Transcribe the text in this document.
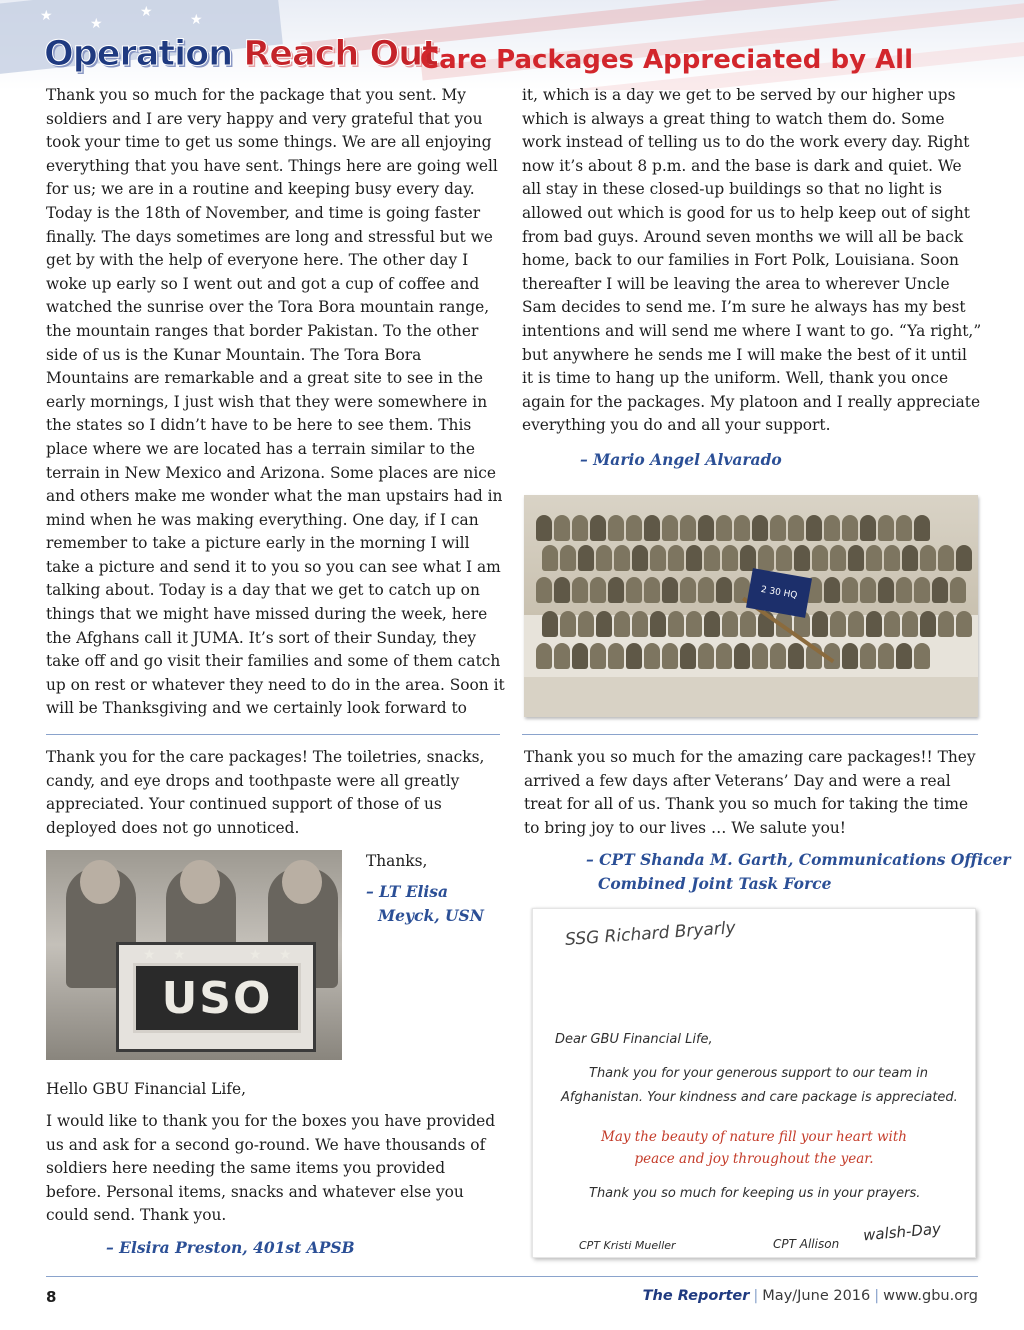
★	★
★	★
Operation Reach Out
Care Packages Appreciated by All
Thank you so much for the package that you sent. My soldiers and I are very happy and very grateful that you took your time to get us some things. We are all enjoying everything that you have sent. Things here are going well for us; we are in a routine and keeping busy every day. Today is the 18th of November, and time is going faster finally. The days sometimes are long and stressful but we get by with the help of everyone here. The other day I woke up early so I went out and got a cup of coffee and watched the sunrise over the Tora Bora mountain range, the mountain ranges that border Pakistan. To the other side of us is the Kunar Mountain. The Tora Bora Mountains are remarkable and a great site to see in the early mornings, I just wish that they were somewhere in the states so I didn’t have to be here to see them. This place where we are located has a terrain similar to the terrain in New Mexico and Arizona. Some places are nice and others make me wonder what the man upstairs had in mind when he was making everything. One day, if I can remember to take a picture early in the morning I will take a picture and send it to you so you can see what I am talking about. Today is a day that we get to catch up on things that we might have missed during the week, here the Afghans call it JUMA. It’s sort of their Sunday, they take off and go visit their families and some of them catch up on rest or whatever they need to do in the area. Soon it will be Thanksgiving and we certainly look forward to
it, which is a day we get to be served by our higher ups which is always a great thing to watch them do. Some work instead of telling us to do the work every day. Right now it’s about 8 p.m. and the base is dark and quiet. We all stay in these closed-up buildings so that no light is allowed out which is good for us to help keep out of sight from bad guys. Around seven months we will all be back home, back to our families in Fort Polk, Louisiana. Soon thereafter I will be leaving the area to wherever Uncle Sam decides to send me. I’m sure he always has my best intentions and will send me where I want to go. “Ya right,” but anywhere he sends me I will make the best of it until it is time to hang up the uniform. Well, thank you once again for the packages. My platoon and I really appreciate everything you do and all your support.
– Mario Angel Alvarado
2 30 HQ
Thank you for the care packages! The toiletries, snacks, candy, and eye drops and toothpaste were all greatly appreciated. Your continued support of those of us deployed does not go unnoticed.
Thanks,
– LT Elisa
Meyck, USN
USO
★ ★	★ ★
Thank you so much for the amazing care packages!! They arrived a few days after Veterans’ Day and were a real treat for all of us. Thank you so much for taking the time to bring joy to our lives … We salute you!
– CPT Shanda M. Garth, Communications Officer
Combined Joint Task Force
Hello GBU Financial Life,
I would like to thank you for the boxes you have provided us and ask for a second go-round. We have thousands of soldiers here needing the same items you provided before. Personal items, snacks and whatever else you could send. Thank you.
– Elsira Preston, 401st APSB
SSG Richard Bryarly
Dear GBU Financial Life,
Thank you for your generous support to our team in
Afghanistan. Your kindness and care package is appreciated.
May the beauty of nature fill your heart with
peace and joy throughout the year.
Thank you so much for keeping us in your prayers.
CPT Kristi Mueller	CPT Allison walsh-Day
8	The Reporter | May/June 2016 | www.gbu.org
